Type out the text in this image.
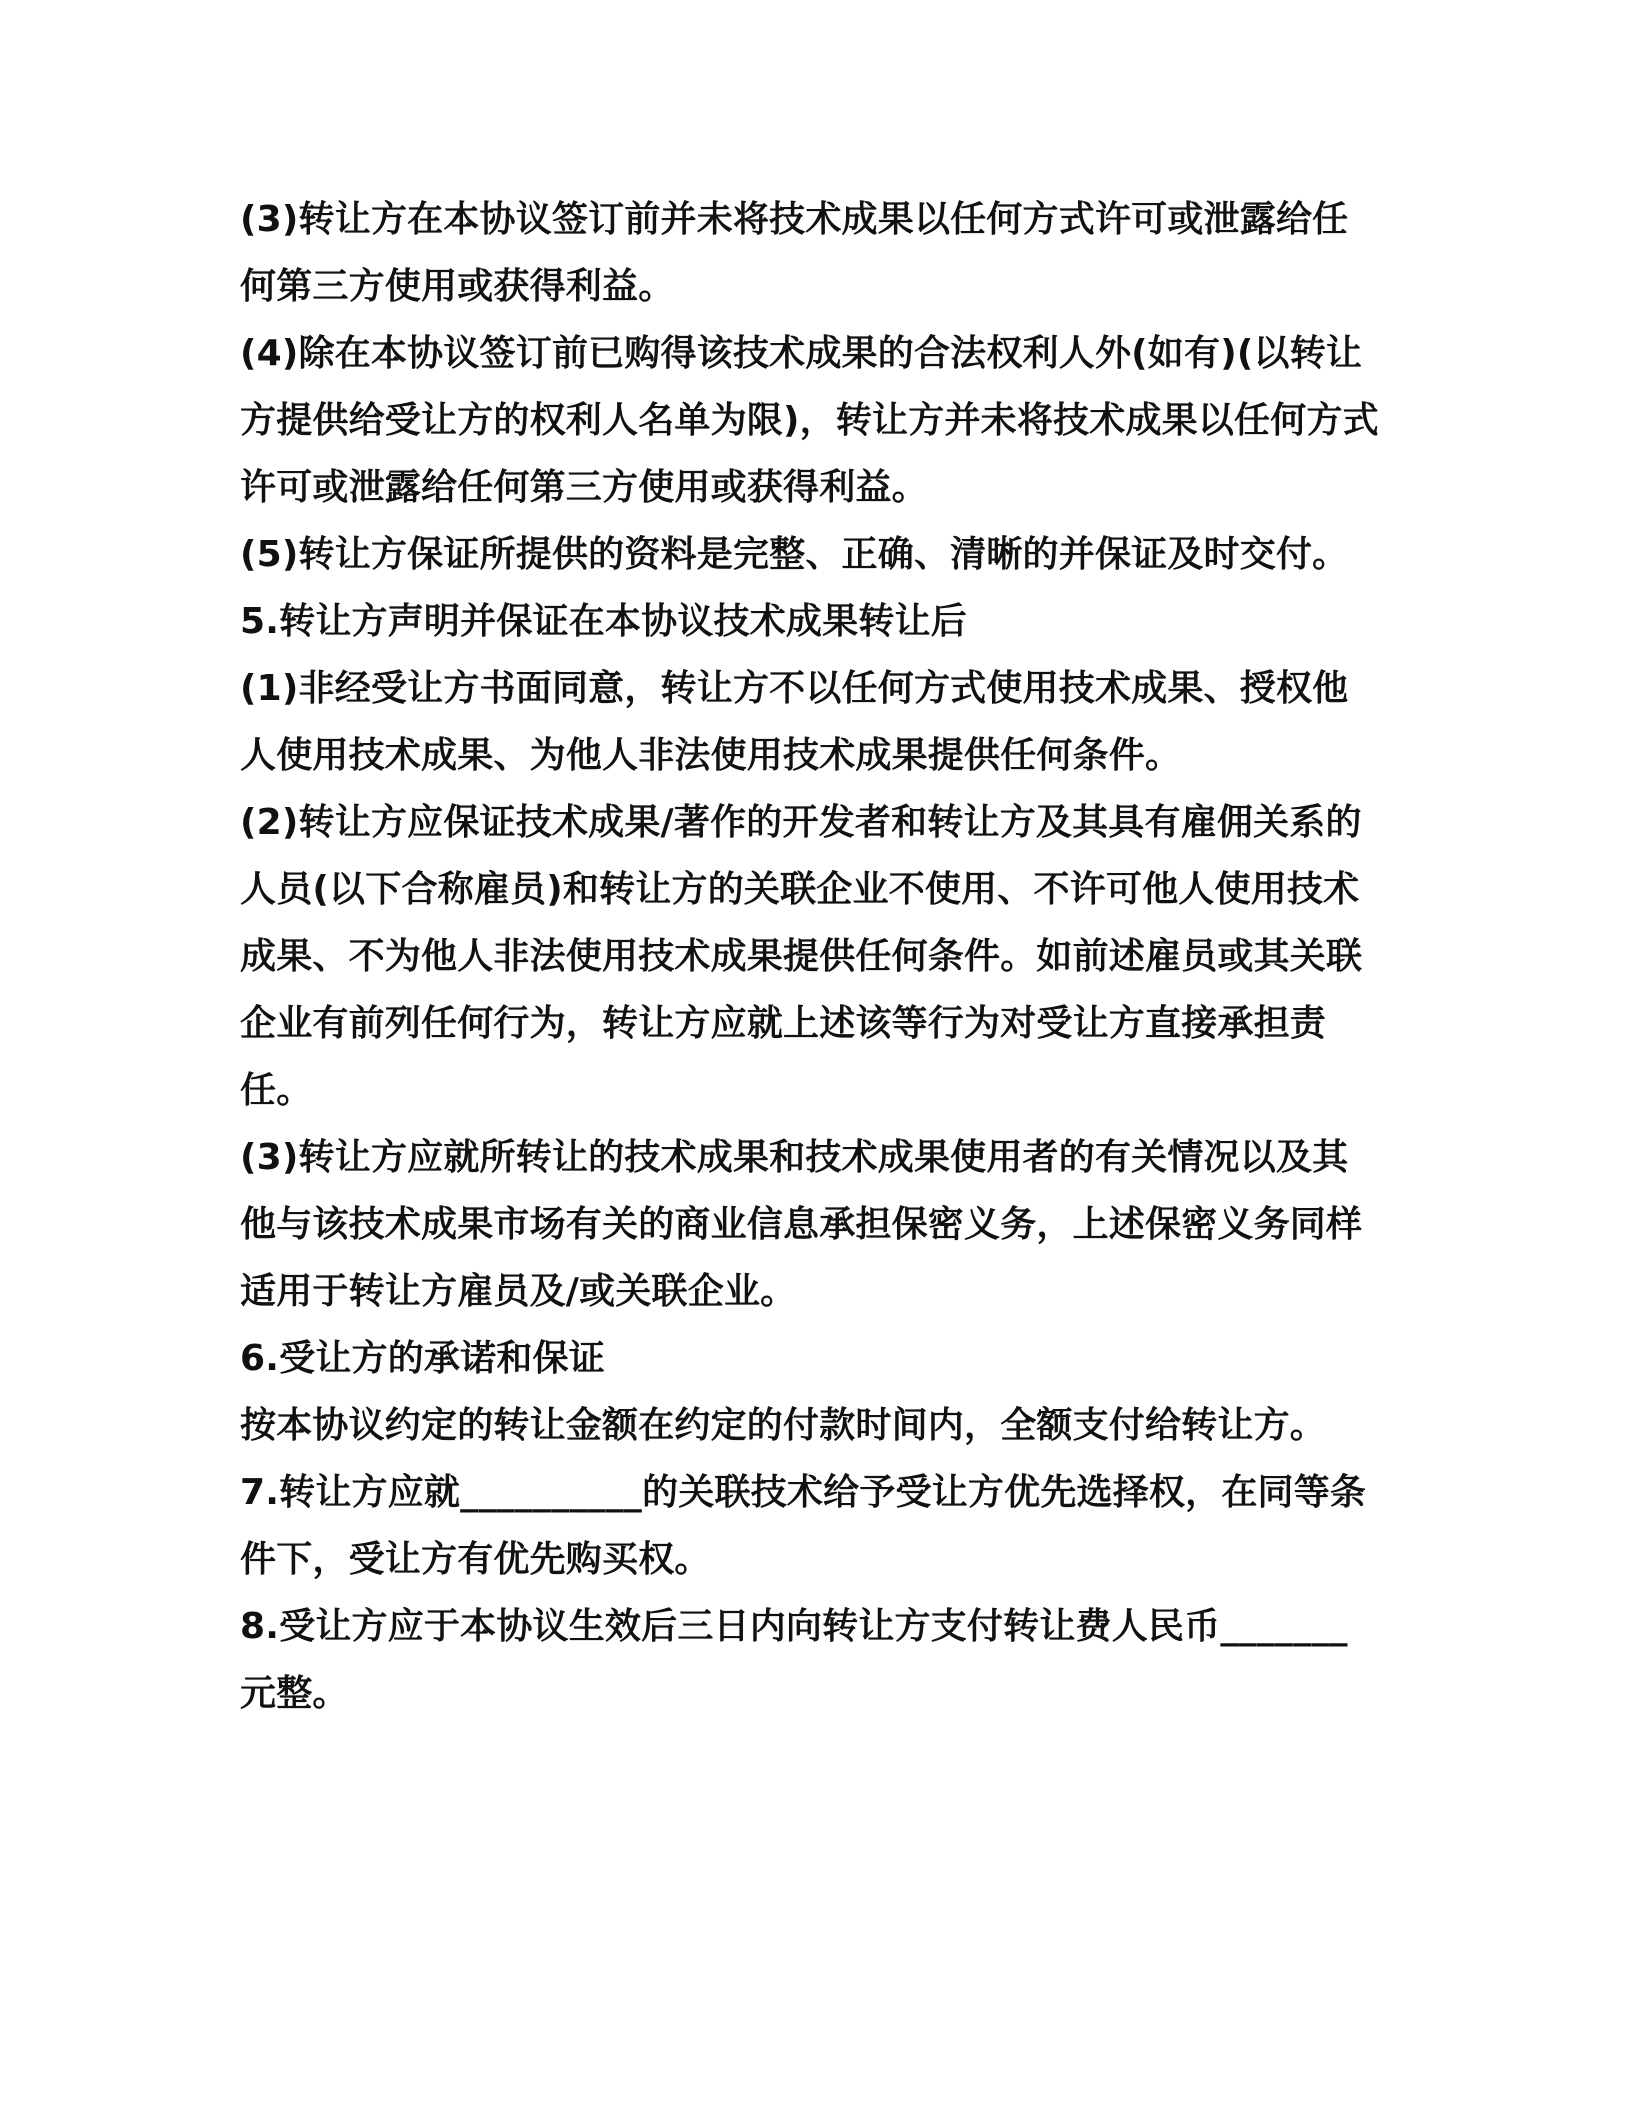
(3)转让方在本协议签订前并未将技术成果以任何方式许可或泄露给任何第三方使用或获得利益。

(4)除在本协议签订前已购得该技术成果的合法权利人外(如有)(以转让方提供给受让方的权利人名单为限)，转让方并未将技术成果以任何方式许可或泄露给任何第三方使用或获得利益。

(5)转让方保证所提供的资料是完整、正确、清晰的并保证及时交付。

5.转让方声明并保证在本协议技术成果转让后

(1)非经受让方书面同意，转让方不以任何方式使用技术成果、授权他人使用技术成果、为他人非法使用技术成果提供任何条件。

(2)转让方应保证技术成果/著作的开发者和转让方及其具有雇佣关系的人员(以下合称雇员)和转让方的关联企业不使用、不许可他人使用技术成果、不为他人非法使用技术成果提供任何条件。如前述雇员或其关联企业有前列任何行为，转让方应就上述该等行为对受让方直接承担责任。

(3)转让方应就所转让的技术成果和技术成果使用者的有关情况以及其他与该技术成果市场有关的商业信息承担保密义务，上述保密义务同样适用于转让方雇员及/或关联企业。

6.受让方的承诺和保证

按本协议约定的转让金额在约定的付款时间内，全额支付给转让方。

7.转让方应就__________的关联技术给予受让方优先选择权，在同等条件下，受让方有优先购买权。

8.受让方应于本协议生效后三日内向转让方支付转让费人民币_______元整。
